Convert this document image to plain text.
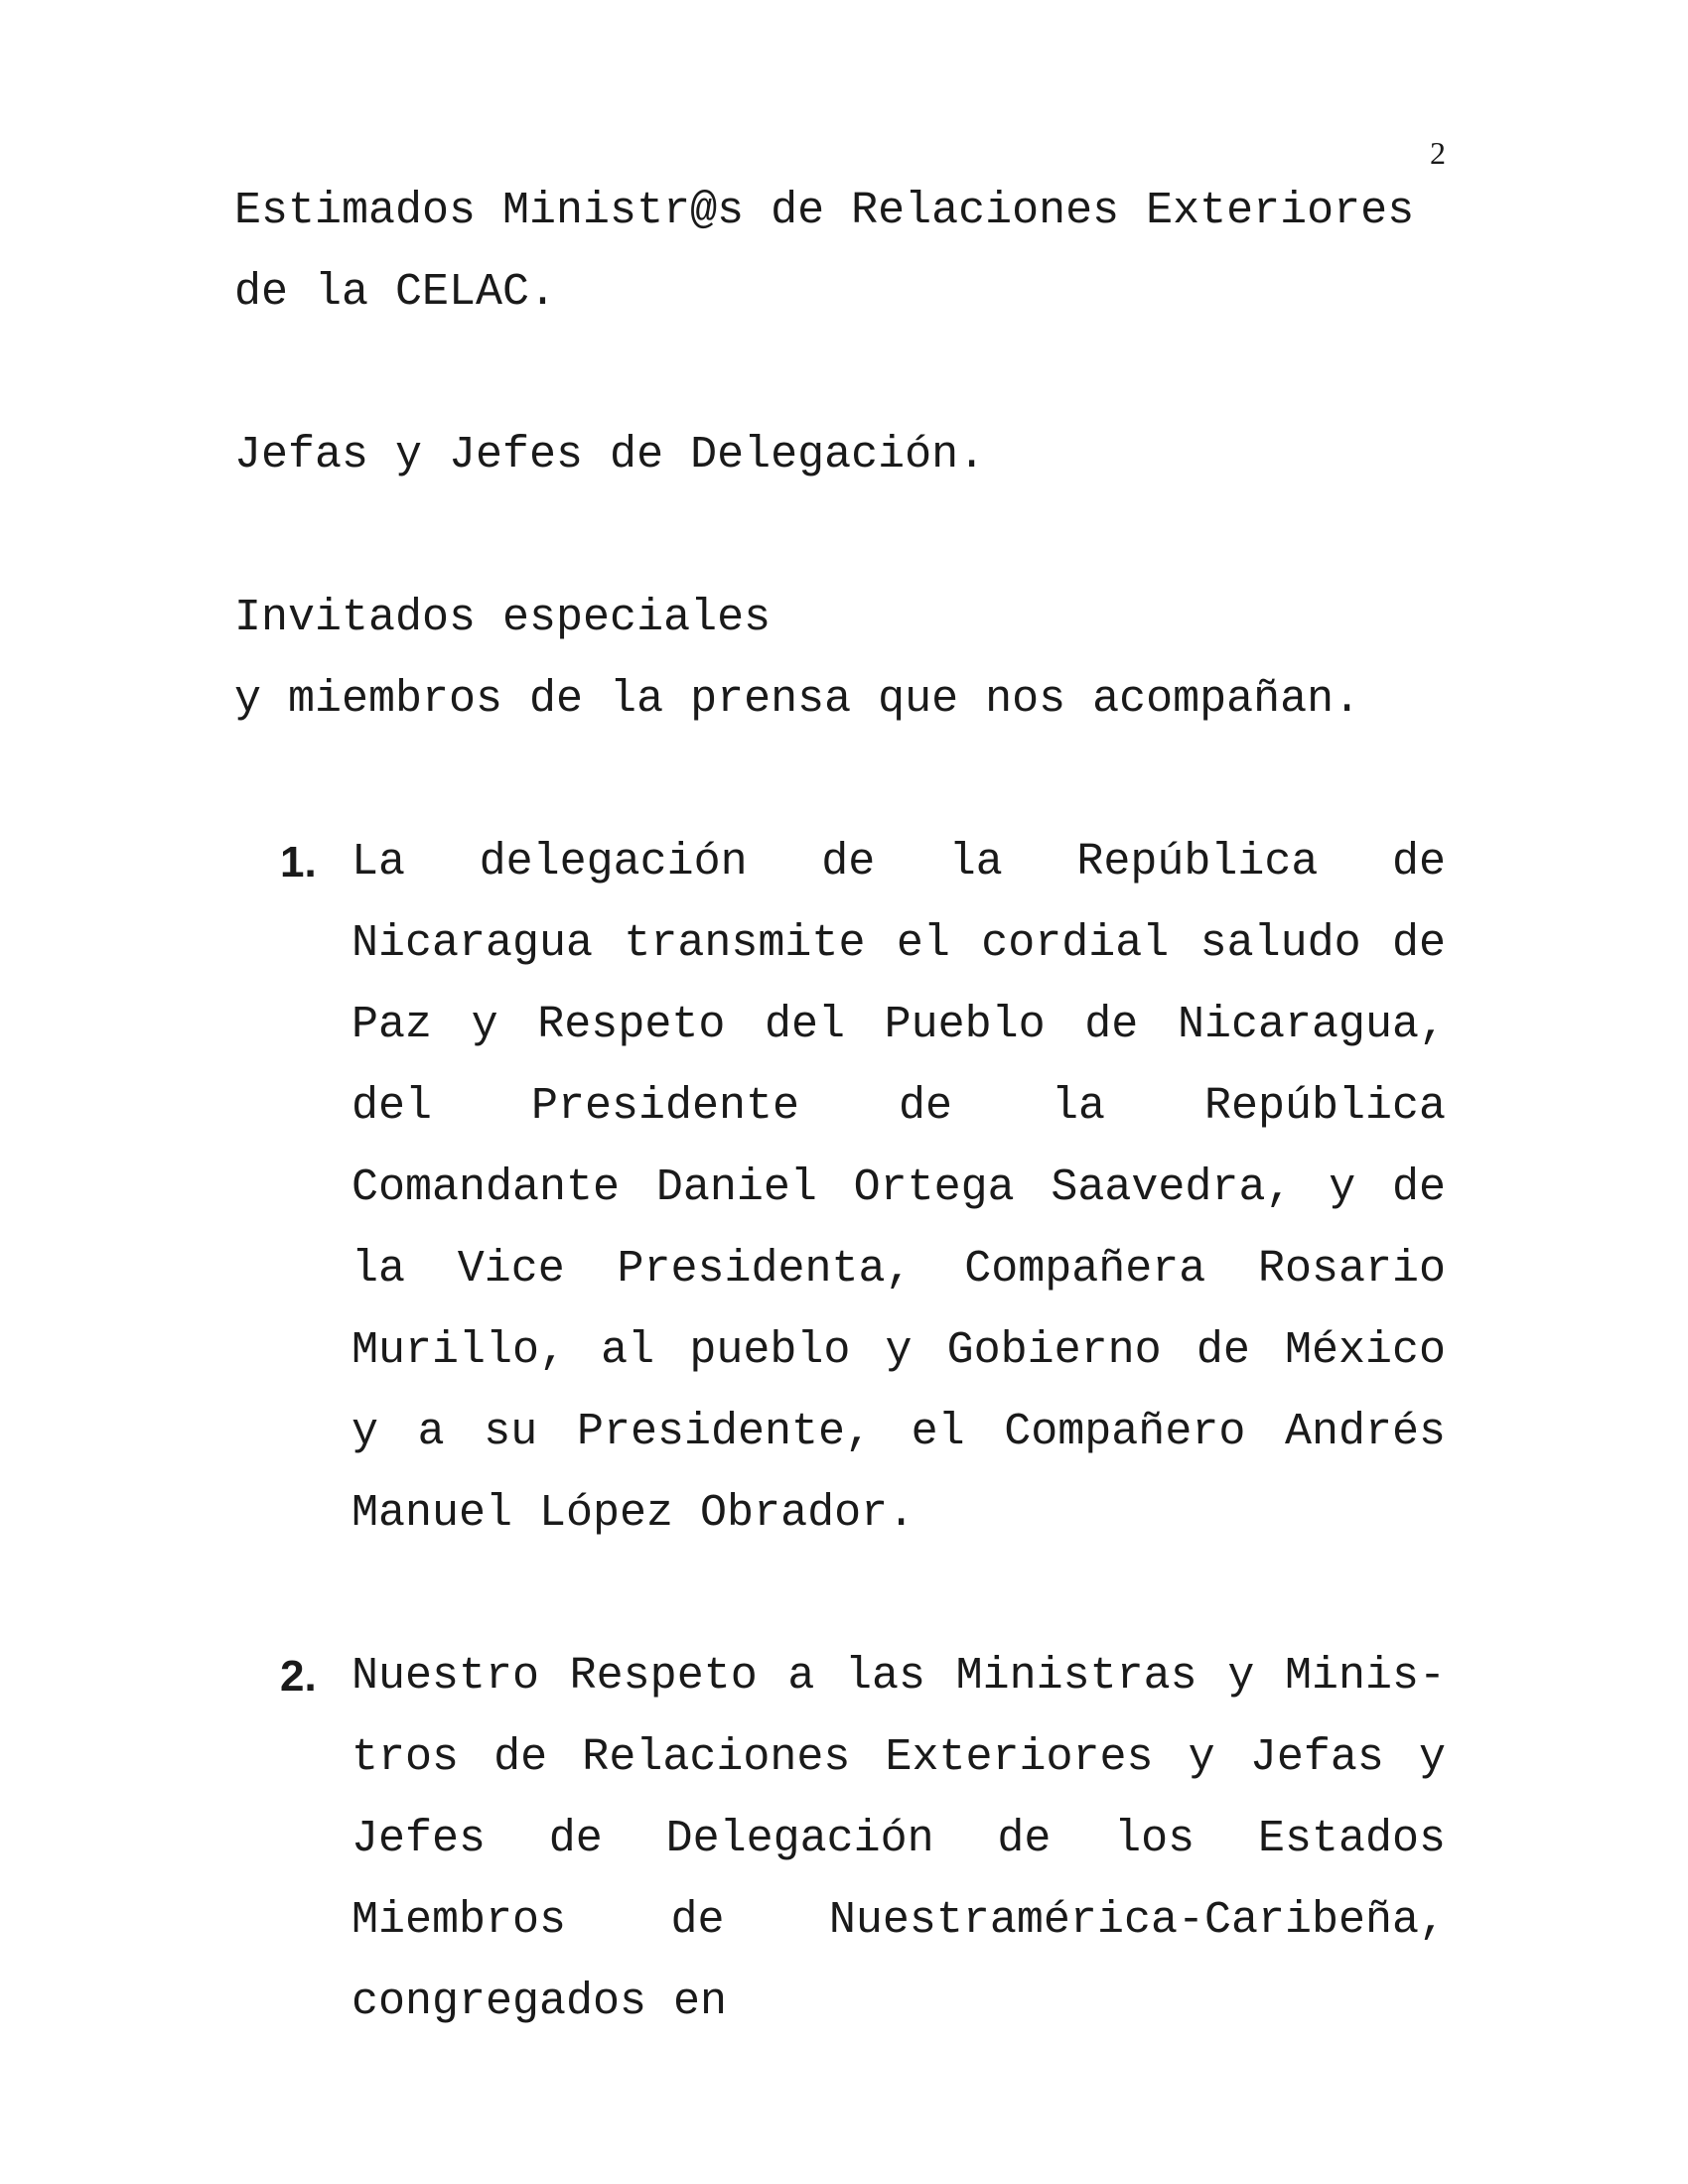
2

Estimados Ministr@s de Relaciones Exteriores

de la CELAC.

Jefas y Jefes de Delegación.

Invitados especiales

y miembros de la prensa que nos acompañan.

1. La delegación de la República de Nicaragua transmite el cordial saludo de Paz y Respeto del Pueblo de Nicaragua, del Presidente de la República Comandante Daniel Ortega Saavedra, y de la Vice Presidenta, Compañera Rosario Murillo, al pueblo y Gobierno de México y a su Presidente, el Compañero Andrés Manuel López Obrador.
2. Nuestro Respeto a las Ministras y Minis-tros de Relaciones Exteriores y Jefas y Jefes de Delegación de los Estados Miembros de Nuestramérica-Caribeña, congregados en
